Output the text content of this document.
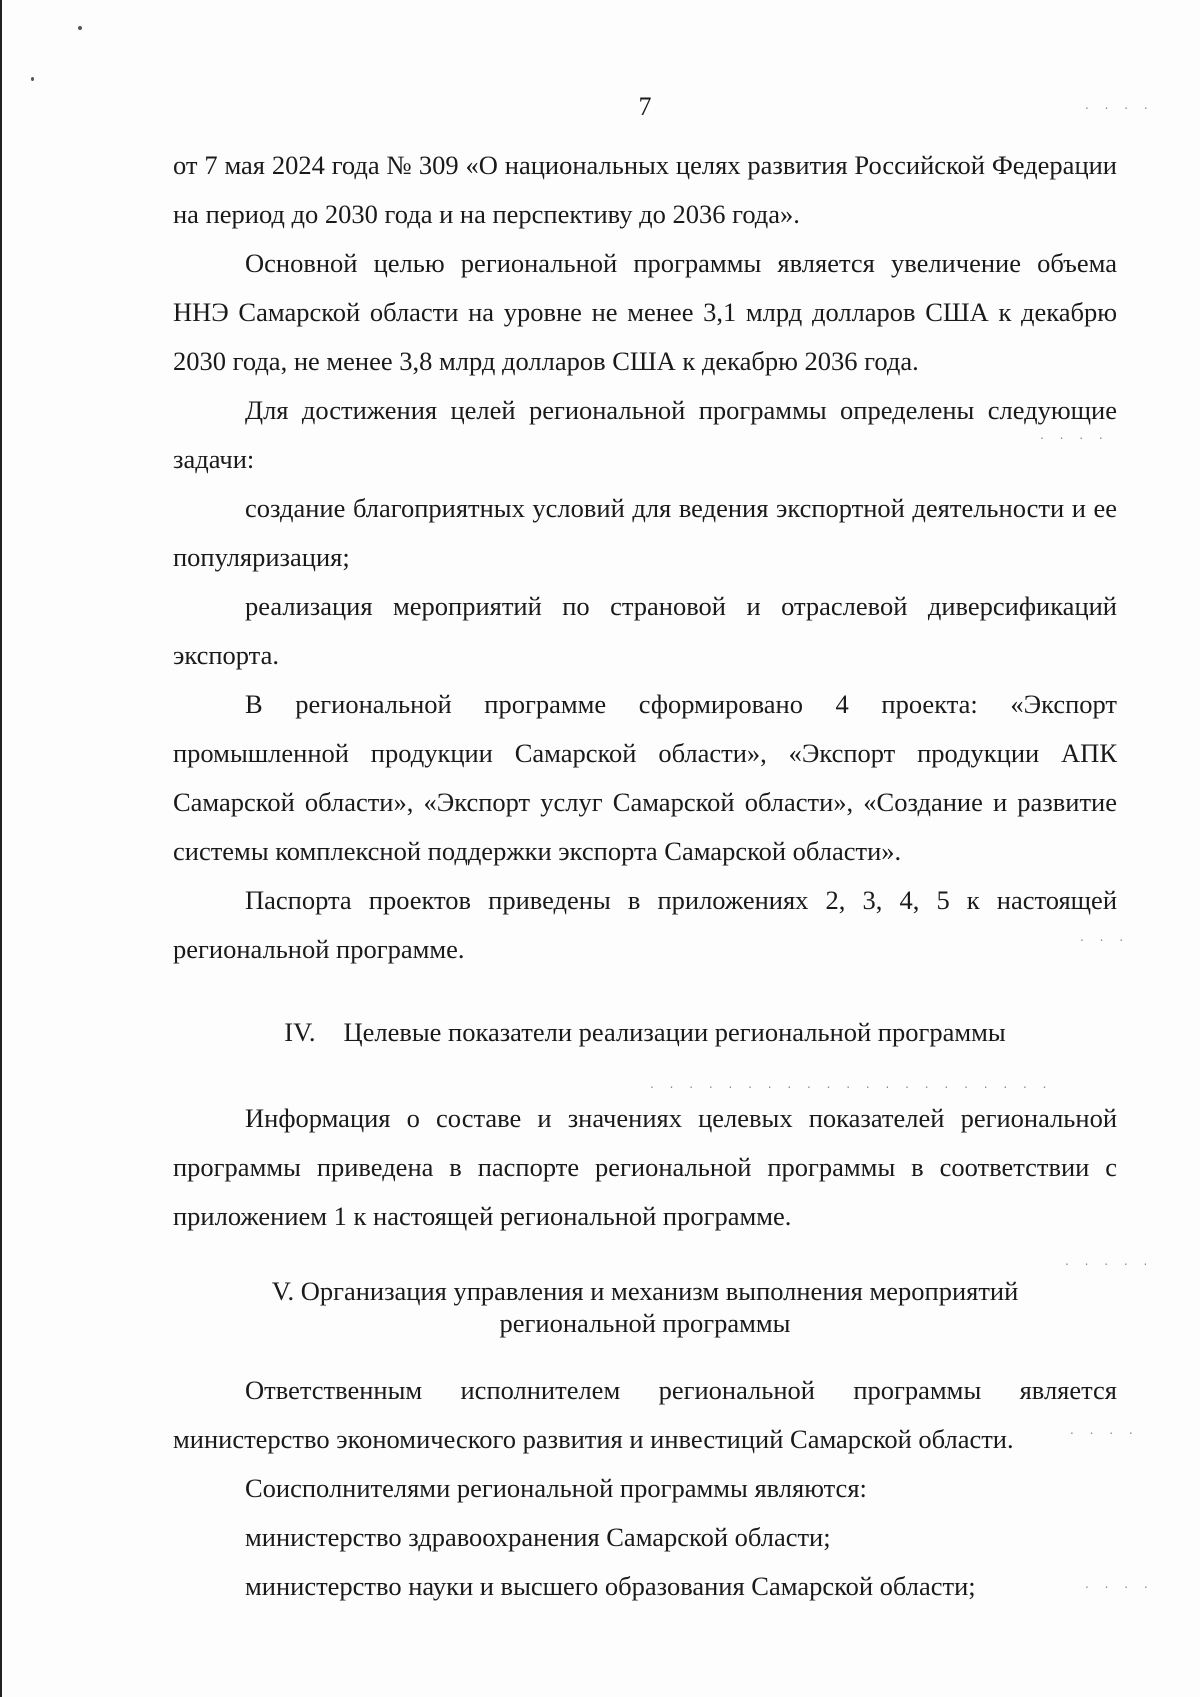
. . . .
. . . .
. . .
. . . . . . . . . . . . . . . . . . . . .
. . . . .
. . . .
. . . .
7

от 7 мая 2024 года № 309 «О национальных целях развития Российской Федерации на период до 2030 года и на перспективу до 2036 года».

Основной целью региональной программы является увеличение объема ННЭ Самарской области на уровне не менее 3,1 млрд долларов США к декабрю 2030 года, не менее 3,8 млрд долларов США к декабрю 2036 года.

Для достижения целей региональной программы определены следующие задачи:

создание благоприятных условий для ведения экспортной деятельности и ее популяризация;

реализация мероприятий по страновой и отраслевой диверсификаций экспорта.

В региональной программе сформировано 4 проекта: «Экспорт промышленной продукции Самарской области», «Экспорт продукции АПК Самарской области», «Экспорт услуг Самарской области», «Создание и развитие системы комплексной поддержки экспорта Самарской области».

Паспорта проектов приведены в приложениях 2, 3, 4, 5 к настоящей региональной программе.

IV. Целевые показатели реализации региональной программы

Информация о составе и значениях целевых показателей региональной программы приведена в паспорте региональной программы в соответствии с приложением 1 к настоящей региональной программе.

V. Организация управления и механизм выполнения мероприятий

региональной программы

Ответственным исполнителем региональной программы является министерство экономического развития и инвестиций Самарской области.

Соисполнителями региональной программы являются:

министерство здравоохранения Самарской области;

министерство науки и высшего образования Самарской области;
